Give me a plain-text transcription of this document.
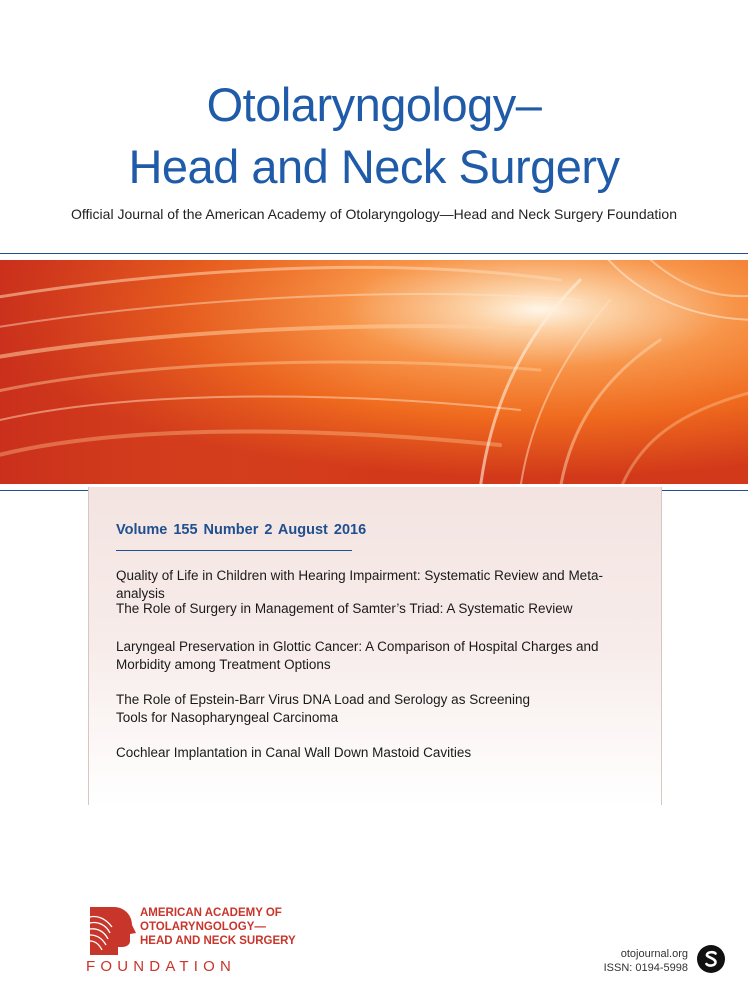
Otolaryngology–
Head and Neck Surgery
Official Journal of the American Academy of Otolaryngology—Head and Neck Surgery Foundation
Volume 155 Number 2 August 2016
Quality of Life in Children with Hearing Impairment: Systematic Review and Meta-analysis
The Role of Surgery in Management of Samter’s Triad: A Systematic Review
Laryngeal Preservation in Glottic Cancer: A Comparison of Hospital Charges and Morbidity among Treatment Options
The Role of Epstein-Barr Virus DNA Load and Serology as Screening Tools for Nasopharyngeal Carcinoma
Cochlear Implantation in Canal Wall Down Mastoid Cavities
AMERICAN ACADEMY OF
OTOLARYNGOLOGY—
HEAD AND NECK SURGERY
FOUNDATION
otojournal.org
ISSN: 0194-5998
